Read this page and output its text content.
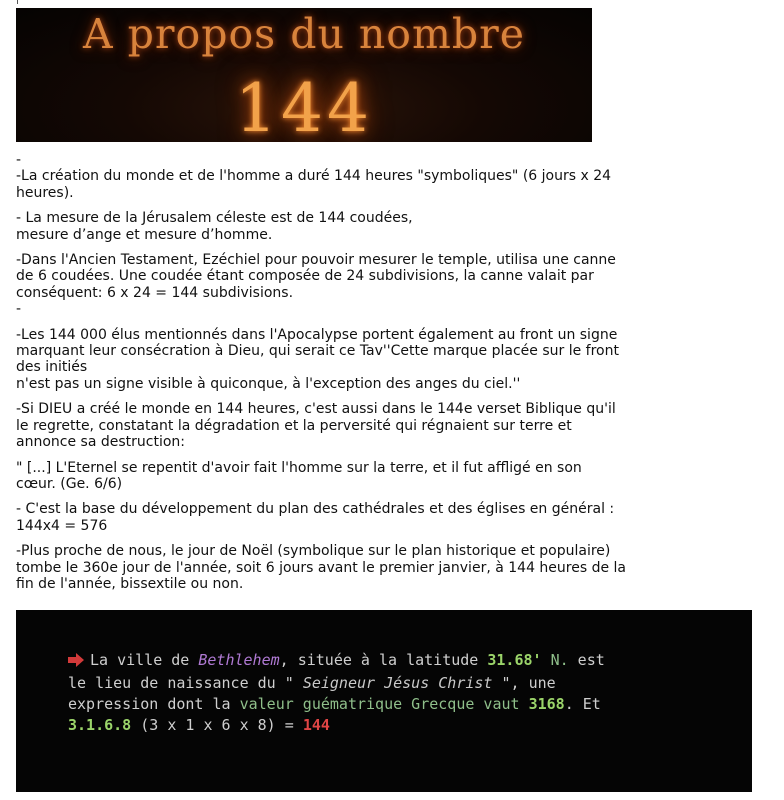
A propos du nombre
144

-

-La création du monde et de l'homme a duré 144 heures "symboliques" (6 jours x 24 heures).

- La mesure de la Jérusalem céleste est de 144 coudées,
mesure d’ange et mesure d’homme.

-Dans l'Ancien Testament, Ezéchiel pour pouvoir mesurer le temple, utilisa une canne de 6 coudées. Une coudée étant composée de 24 subdivisions, la canne valait par conséquent: 6 x 24 = 144 subdivisions.

-

-Les 144 000 élus mentionnés dans l'Apocalypse portent également au front un signe marquant leur consécration à Dieu, qui serait ce Tav''Cette marque placée sur le front des initiés
n'est pas un signe visible à quiconque, à l'exception des anges du ciel.''

-Si DIEU a créé le monde en 144 heures, c'est aussi dans le 144e verset Biblique qu'il le regrette, constatant la dégradation et la perversité qui régnaient sur terre et annonce sa destruction:

" [...] L'Eternel se repentit d'avoir fait l'homme sur la terre, et il fut affligé en son cœur. (Ge. 6/6)

- C'est la base du développement du plan des cathédrales et des églises en général :
144x4 = 576

-Plus proche de nous, le jour de Noël (symbolique sur le plan historique et populaire) tombe le 360e jour de l'année, soit 6 jours avant le premier janvier, à 144 heures de la fin de l'année, bissextile ou non.

La ville de Bethlehem, située à la latitude 31.68' N. est
le lieu de naissance du " Seigneur Jésus Christ ", une
expression dont la valeur guématrique Grecque vaut 3168. Et
3.1.6.8 (3 x 1 x 6 x 8) = 144
